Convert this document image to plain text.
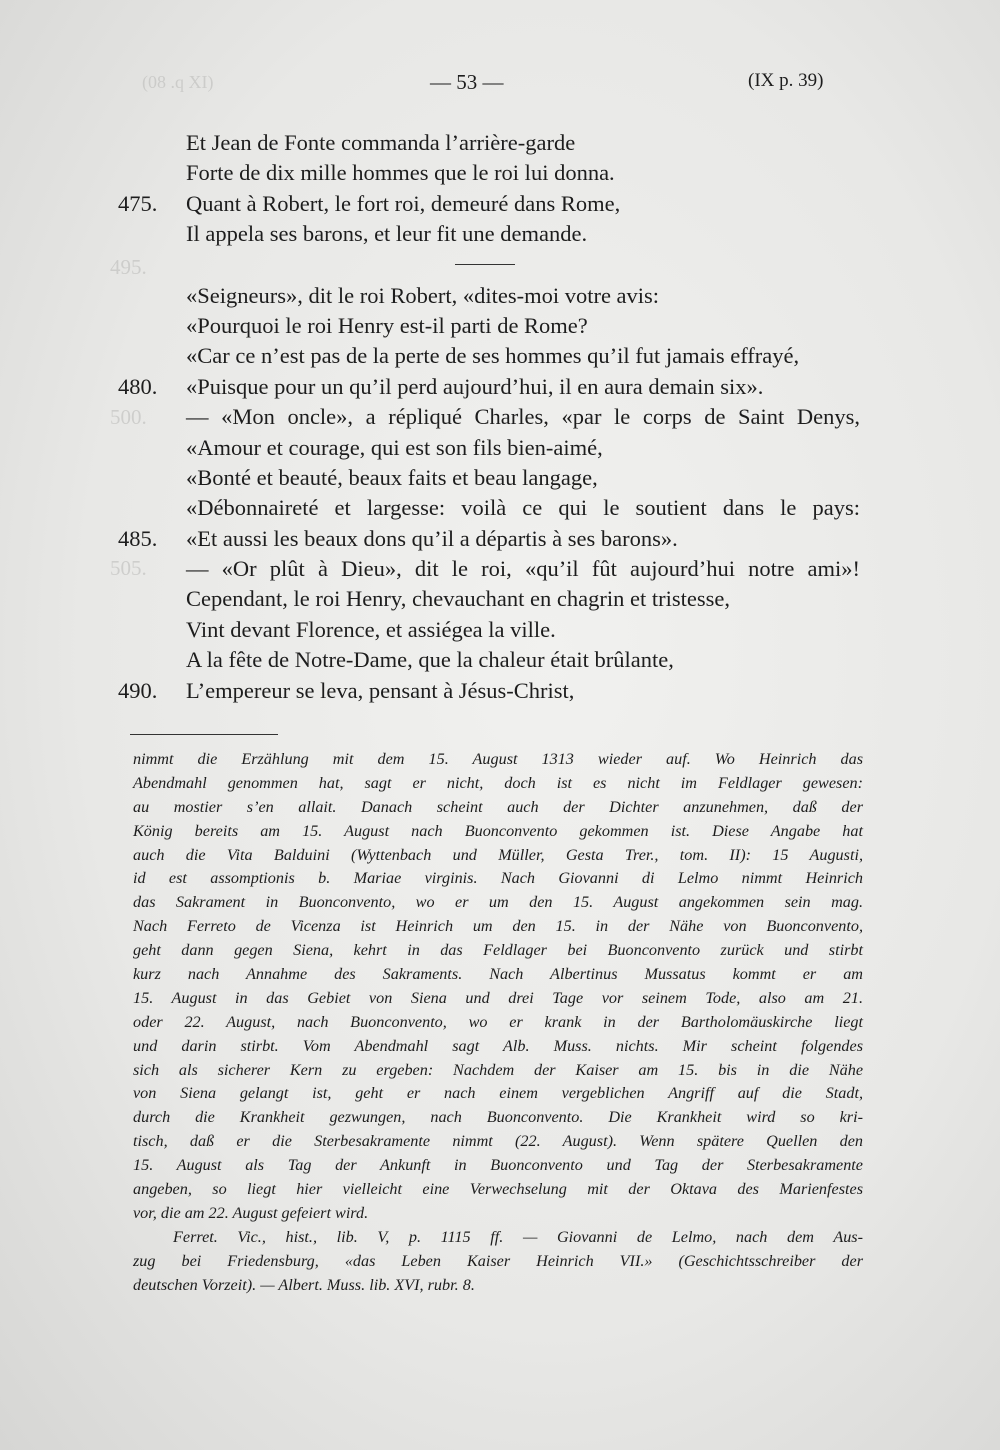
(08 .q XI)
495.
500.
505.
— 53 —	(IX p. 39)
Et Jean de Fonte commanda l’arrière-garde
Forte de dix mille hommes que le roi lui donna.
475.	Quant à Robert, le fort roi, demeuré dans Rome,
Il appela ses barons, et leur fit une demande.
«Seigneurs», dit le roi Robert, «dites-moi votre avis:
«Pourquoi le roi Henry est-il parti de Rome?
«Car ce n’est pas de la perte de ses hommes qu’il fut jamais effrayé,
480.	«Puisque pour un qu’il perd aujourd’hui, il en aura demain six».
— «Mon oncle», a répliqué Charles, «par le corps de Saint Denys,
«Amour et courage, qui est son fils bien-aimé,
«Bonté et beauté, beaux faits et beau langage,
«Débonnaireté et largesse: voilà ce qui le soutient dans le pays:
485.	«Et aussi les beaux dons qu’il a départis à ses barons».
— «Or plût à Dieu», dit le roi, «qu’il fût aujourd’hui notre ami»!
Cependant, le roi Henry, chevauchant en chagrin et tristesse,
Vint devant Florence, et assiégea la ville.
A la fête de Notre-Dame, que la chaleur était brûlante,
490.	L’empereur se leva, pensant à Jésus-Christ,

nimmt die Erzählung mit dem 15. August 1313 wieder auf. Wo Heinrich das

Abendmahl genommen hat, sagt er nicht, doch ist es nicht im Feldlager gewesen:

au mostier s’en allait. Danach scheint auch der Dichter anzunehmen, daß der

König bereits am 15. August nach Buonconvento gekommen ist. Diese Angabe hat

auch die Vita Balduini (Wyttenbach und Müller, Gesta Trer., tom. II): 15 Augusti,

id est assomptionis b. Mariae virginis. Nach Giovanni di Lelmo nimmt Heinrich

das Sakrament in Buonconvento, wo er um den 15. August angekommen sein mag.

Nach Ferreto de Vicenza ist Heinrich um den 15. in der Nähe von Buonconvento,

geht dann gegen Siena, kehrt in das Feldlager bei Buonconvento zurück und stirbt

kurz nach Annahme des Sakraments. Nach Albertinus Mussatus kommt er am

15. August in das Gebiet von Siena und drei Tage vor seinem Tode, also am 21.

oder 22. August, nach Buonconvento, wo er krank in der Bartholomäuskirche liegt

und darin stirbt. Vom Abendmahl sagt Alb. Muss. nichts. Mir scheint folgendes

sich als sicherer Kern zu ergeben: Nachdem der Kaiser am 15. bis in die Nähe

von Siena gelangt ist, geht er nach einem vergeblichen Angriff auf die Stadt,

durch die Krankheit gezwungen, nach Buonconvento. Die Krankheit wird so kri-

tisch, daß er die Sterbesakramente nimmt (22. August). Wenn spätere Quellen den

15. August als Tag der Ankunft in Buonconvento und Tag der Sterbesakramente

angeben, so liegt hier vielleicht eine Verwechselung mit der Oktava des Marienfestes

vor, die am 22. August gefeiert wird.

Ferret. Vic., hist., lib. V, p. 1115 ff. — Giovanni de Lelmo, nach dem Aus-

zug bei Friedensburg, «das Leben Kaiser Heinrich VII.» (Geschichtsschreiber der

deutschen Vorzeit). — Albert. Muss. lib. XVI, rubr. 8.
